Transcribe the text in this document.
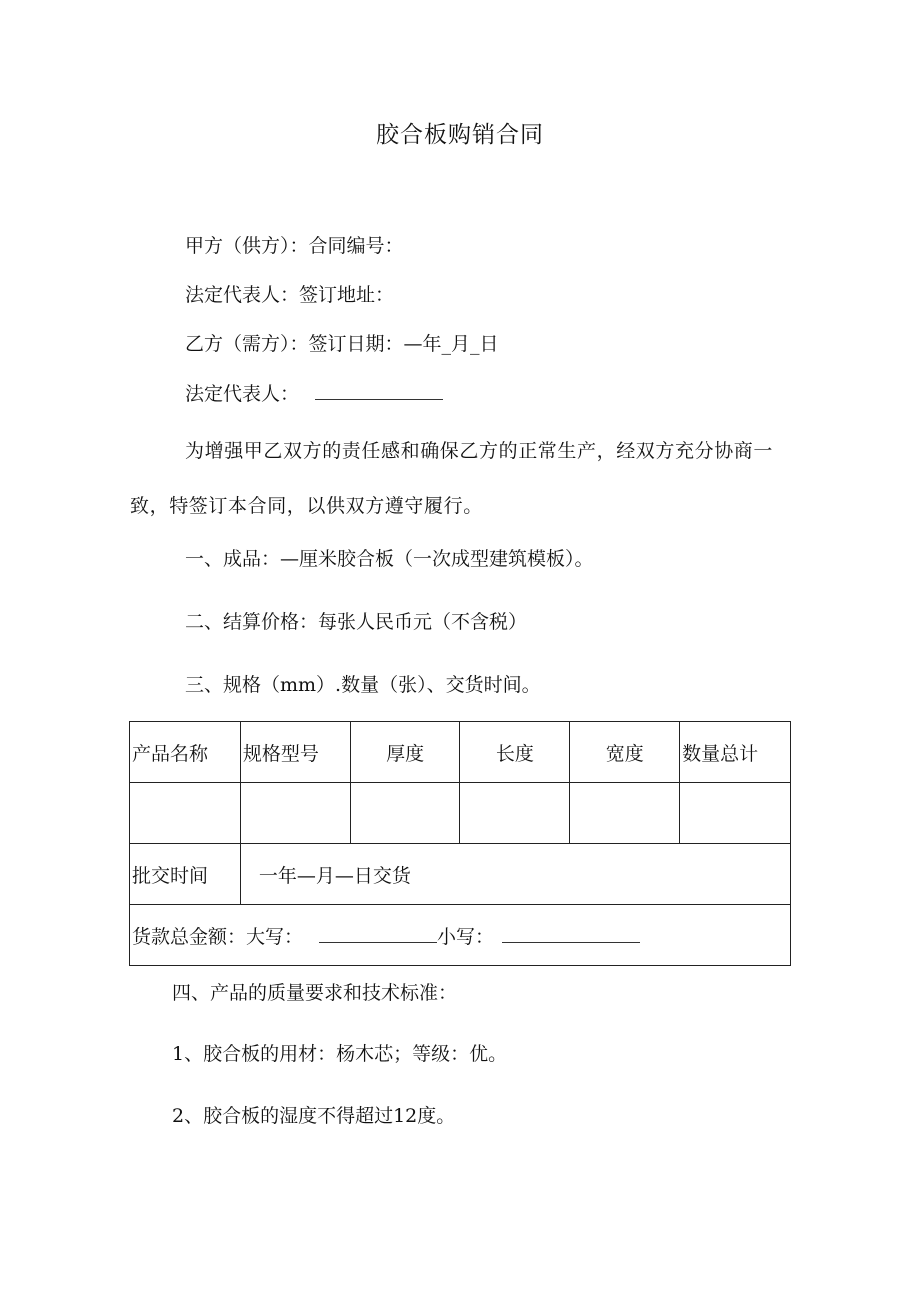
胶合板购销合同
甲方（供方）：合同编号：
法定代表人：签订地址：
乙方（需方）：签订日期：—年_月_日
法定代表人：
为增强甲乙双方的责任感和确保乙方的正常生产，经双方充分协商一致，特签订本合同，以供双方遵守履行。
一、成品：—厘米胶合板（一次成型建筑模板）。
二、结算价格：每张人民币元（不含税）
三、规格（mm）.数量（张）、交货时间。
产品名称	规格型号	厚度	长度	宽度	数量总计

批交时间	一年—月—日交货				
货款总金额：大写： 小写：					
四、产品的质量要求和技术标准：
1、胶合板的用材：杨木芯；等级：优。
2、胶合板的湿度不得超过12度。
